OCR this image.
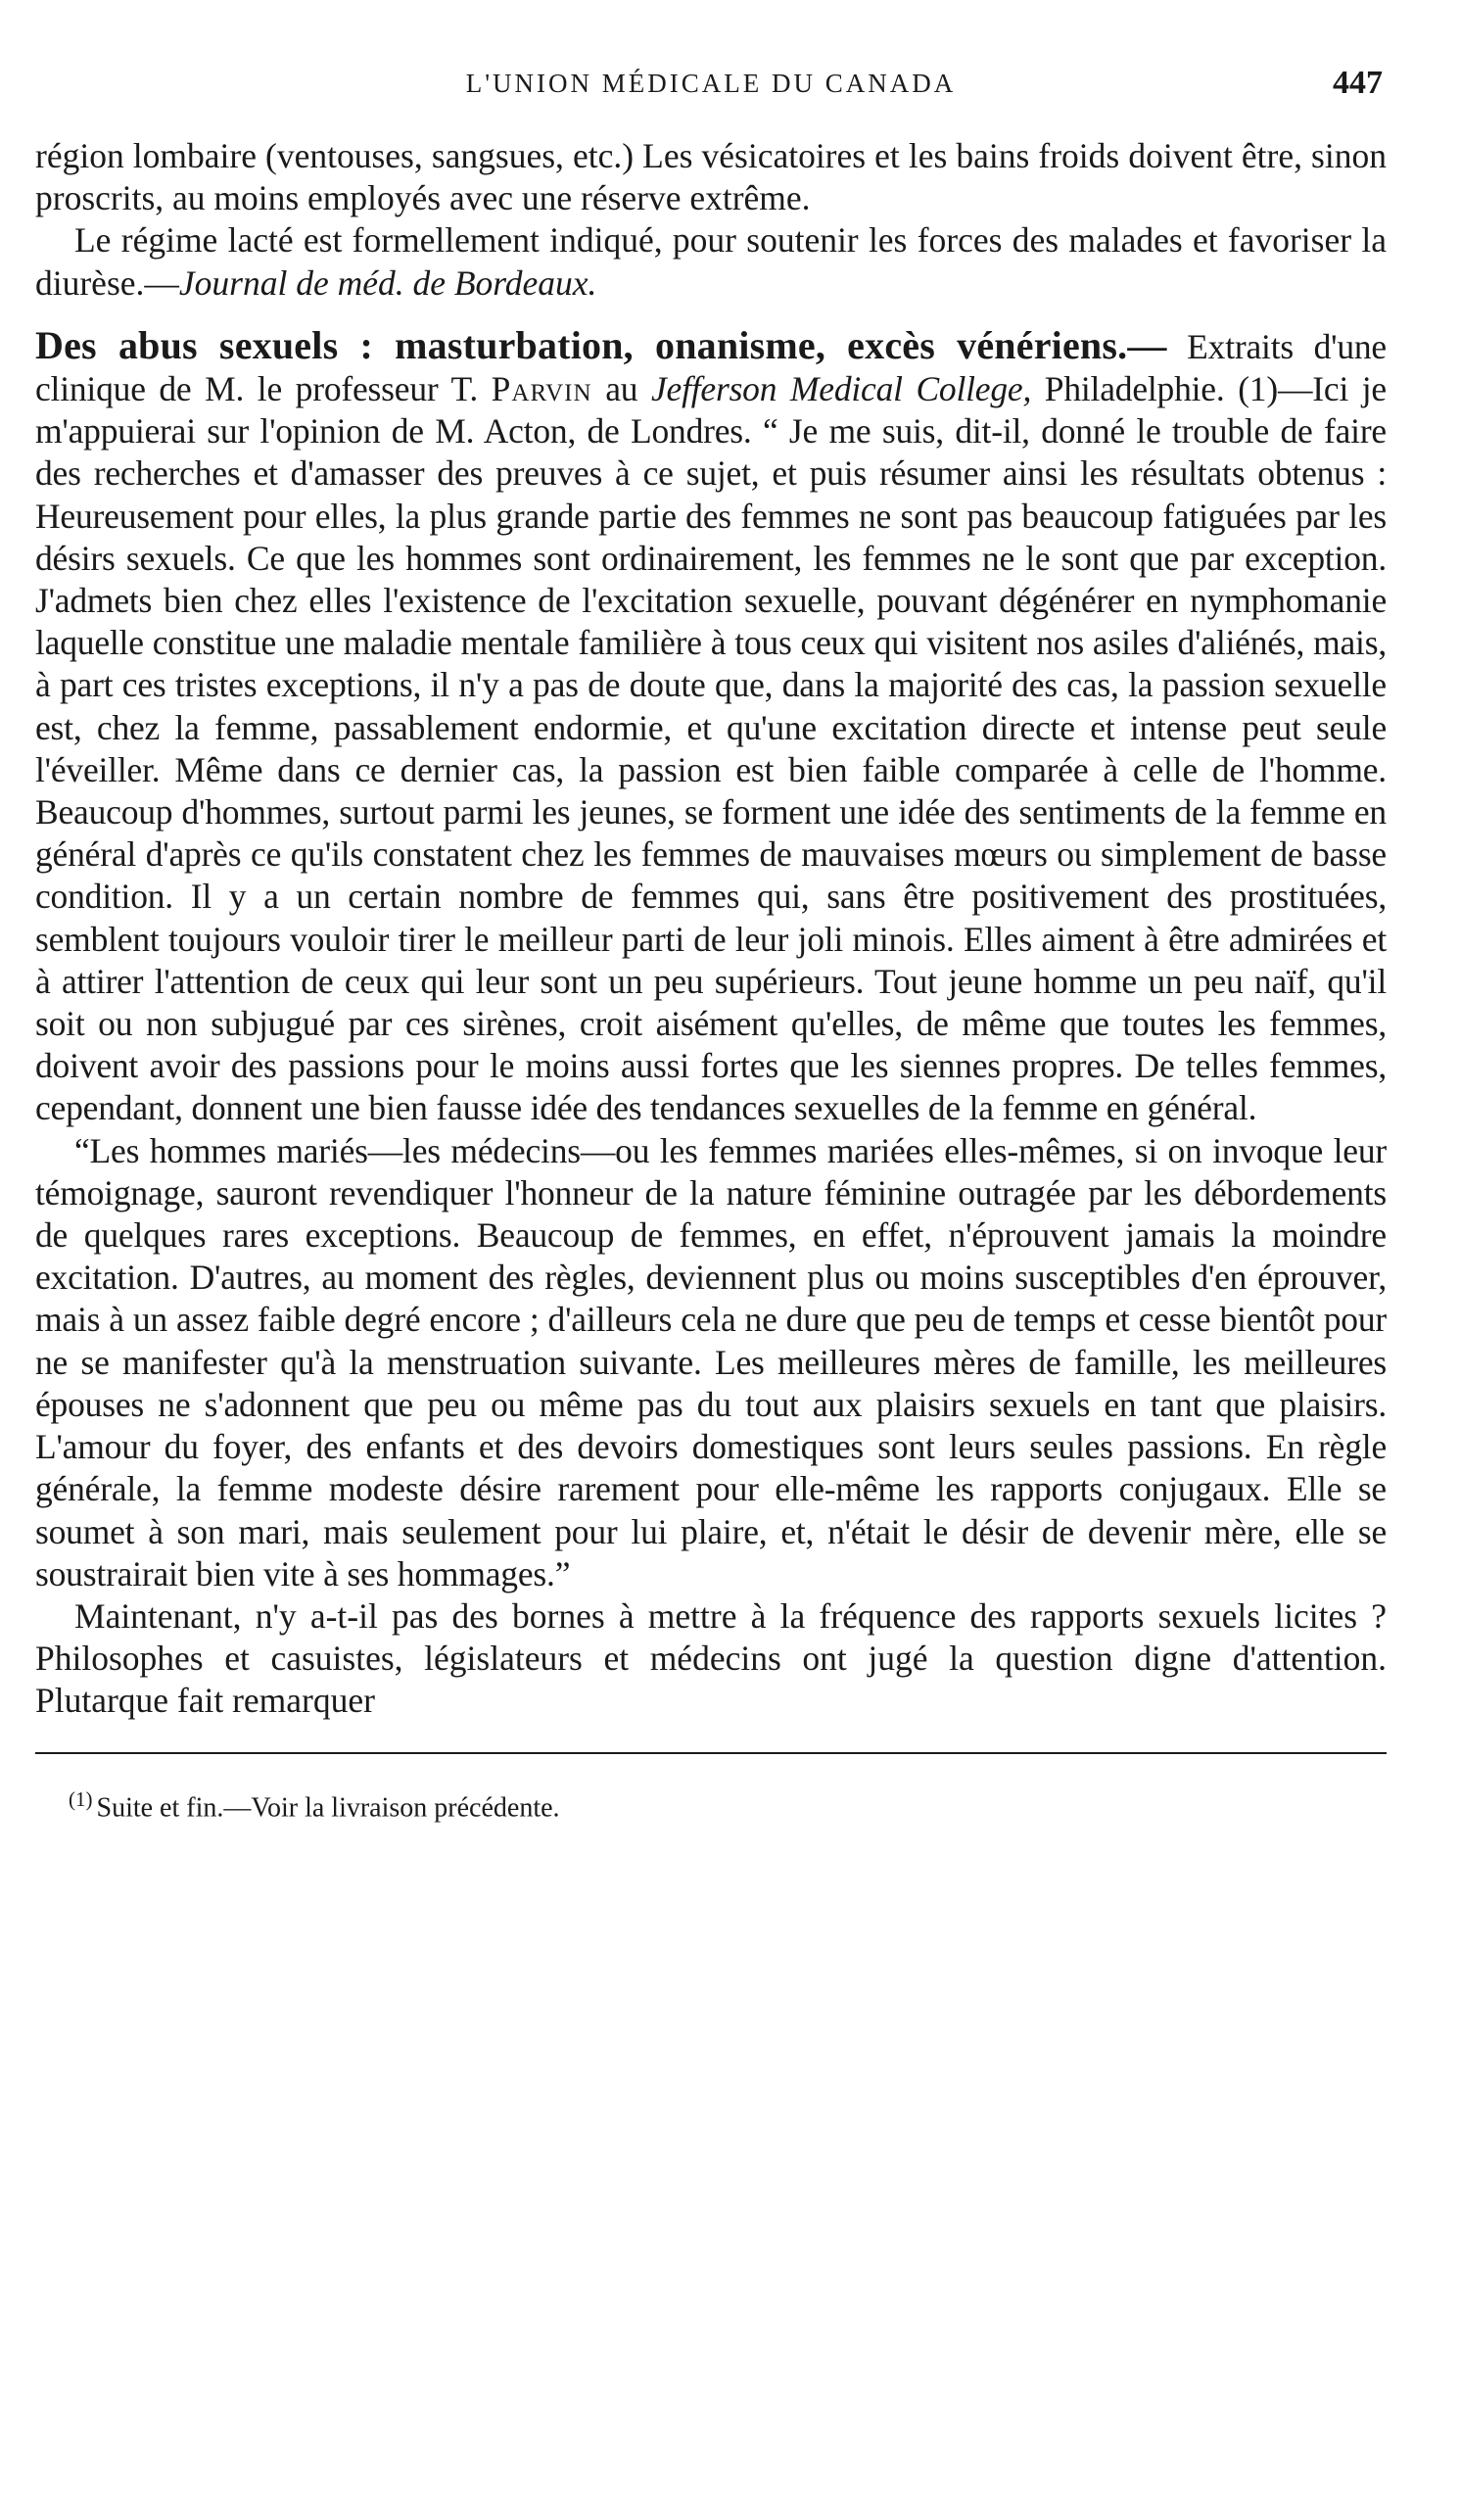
L'UNION MÉDICALE DU CANADA	447

région lombaire (ventouses, sangsues, etc.) Les vésicatoires et les bains froids doivent être, sinon proscrits, au moins employés avec une réserve extrême.

Le régime lacté est formellement indiqué, pour soutenir les forces des malades et favoriser la diurèse.—Journal de méd. de Bordeaux.

Des abus sexuels : masturbation, onanisme, excès vénériens.— Extraits d'une clinique de M. le professeur T. Parvin au Jefferson Medical College, Philadelphie. (1)—Ici je m'appuierai sur l'opinion de M. Acton, de Londres. “ Je me suis, dit-il, donné le trouble de faire des recherches et d'amasser des preuves à ce sujet, et puis résumer ainsi les résultats obtenus : Heureusement pour elles, la plus grande partie des femmes ne sont pas beaucoup fatiguées par les désirs sexuels. Ce que les hommes sont ordinairement, les femmes ne le sont que par exception. J'admets bien chez elles l'existence de l'excitation sexuelle, pouvant dégénérer en nymphomanie laquelle constitue une maladie mentale familière à tous ceux qui visitent nos asiles d'aliénés, mais, à part ces tristes exceptions, il n'y a pas de doute que, dans la majorité des cas, la passion sexuelle est, chez la femme, passablement endormie, et qu'une excitation directe et intense peut seule l'éveiller. Même dans ce dernier cas, la passion est bien faible comparée à celle de l'homme. Beaucoup d'hommes, surtout parmi les jeunes, se forment une idée des sentiments de la femme en général d'après ce qu'ils constatent chez les femmes de mauvaises mœurs ou simplement de basse condition. Il y a un certain nombre de femmes qui, sans être positivement des prostituées, semblent toujours vouloir tirer le meilleur parti de leur joli minois. Elles aiment à être admirées et à attirer l'attention de ceux qui leur sont un peu supérieurs. Tout jeune homme un peu naïf, qu'il soit ou non subjugué par ces sirènes, croit aisément qu'elles, de même que toutes les femmes, doivent avoir des passions pour le moins aussi fortes que les siennes propres. De telles femmes, cependant, donnent une bien fausse idée des tendances sexuelles de la femme en général.

“Les hommes mariés—les médecins—ou les femmes mariées elles-mêmes, si on invoque leur témoignage, sauront revendiquer l'honneur de la nature féminine outragée par les débordements de quelques rares exceptions. Beaucoup de femmes, en effet, n'éprouvent jamais la moindre excitation. D'autres, au moment des règles, deviennent plus ou moins susceptibles d'en éprouver, mais à un assez faible degré encore ; d'ailleurs cela ne dure que peu de temps et cesse bientôt pour ne se manifester qu'à la menstruation suivante. Les meilleures mères de famille, les meilleures épouses ne s'adonnent que peu ou même pas du tout aux plaisirs sexuels en tant que plaisirs. L'amour du foyer, des enfants et des devoirs domestiques sont leurs seules passions. En règle générale, la femme modeste désire rarement pour elle-même les rapports conjugaux. Elle se soumet à son mari, mais seulement pour lui plaire, et, n'était le désir de devenir mère, elle se soustrairait bien vite à ses hommages.”

Maintenant, n'y a-t-il pas des bornes à mettre à la fréquence des rapports sexuels licites ? Philosophes et casuistes, législateurs et médecins ont jugé la question digne d'attention. Plutarque fait remarquer

$^{(1)}$ Suite et fin.—Voir la livraison précédente.
